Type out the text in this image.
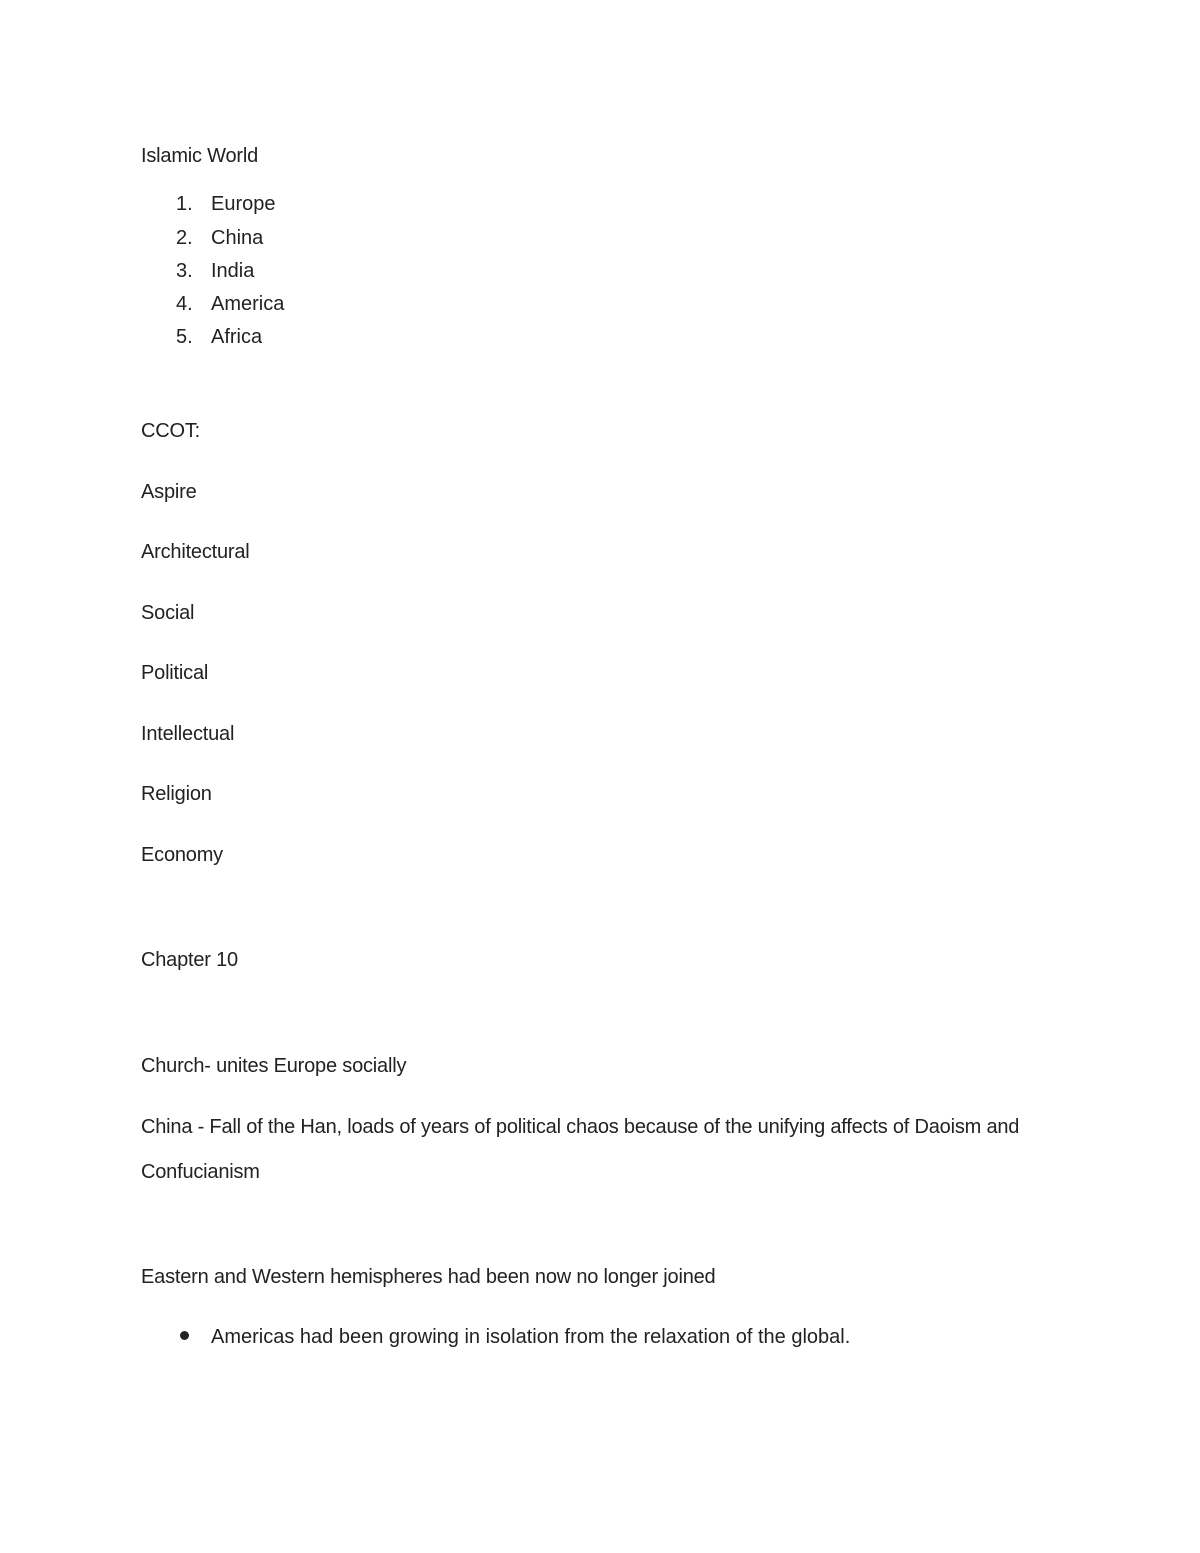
Islamic World
1. Europe
2. China
3. India
4. America
5. Africa
CCOT:
Aspire
Architectural
Social
Political
Intellectual
Religion
Economy
Chapter 10
Church- unites Europe socially
China - Fall of the Han, loads of years of political chaos because of the unifying affects of Daoism and
Confucianism
Eastern and Western hemispheres had been now no longer joined
Americas had been growing in isolation from the relaxation of the global.
